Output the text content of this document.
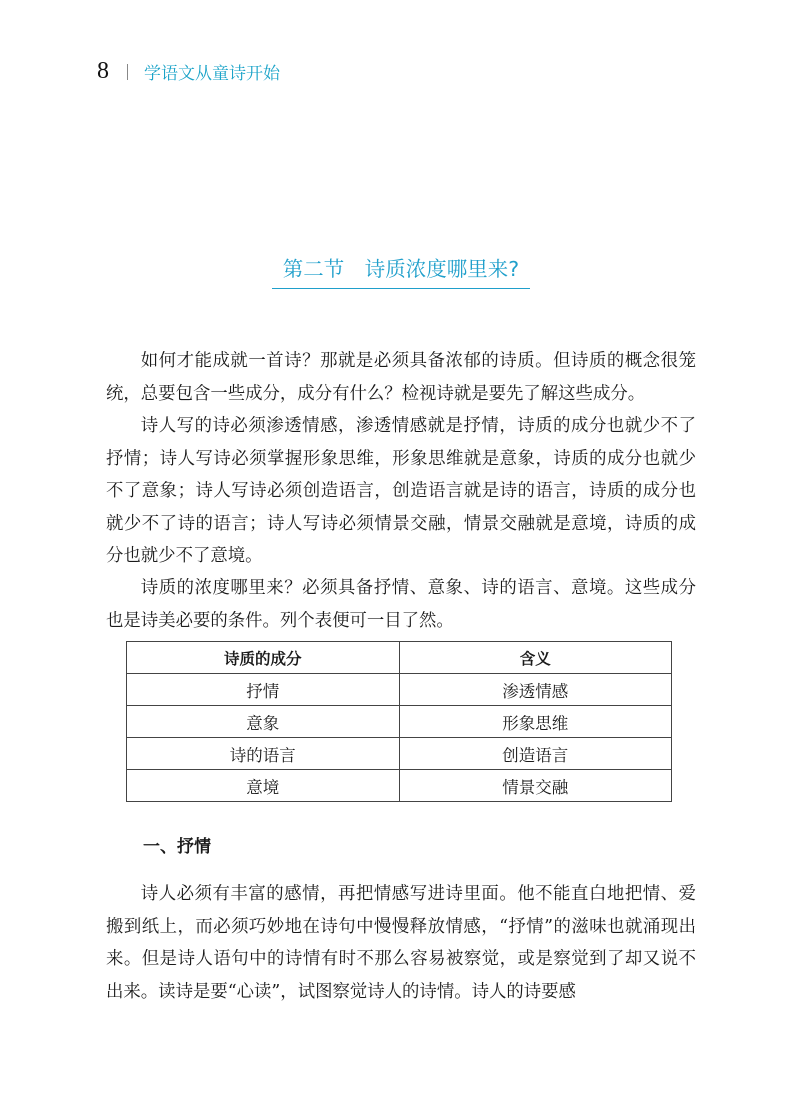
8 学语文从童诗开始
第二节　诗质浓度哪里来?

如何才能成就一首诗？那就是必须具备浓郁的诗质。但诗质的概念很笼统，总要包含一些成分，成分有什么？检视诗就是要先了解这些成分。

诗人写的诗必须渗透情感，渗透情感就是抒情，诗质的成分也就少不了抒情；诗人写诗必须掌握形象思维，形象思维就是意象，诗质的成分也就少不了意象；诗人写诗必须创造语言，创造语言就是诗的语言，诗质的成分也就少不了诗的语言；诗人写诗必须情景交融，情景交融就是意境，诗质的成分也就少不了意境。

诗质的浓度哪里来？必须具备抒情、意象、诗的语言、意境。这些成分也是诗美必要的条件。列个表便可一目了然。

诗质的成分	含义
抒情	渗透情感
意象	形象思维
诗的语言	创造语言
意境	情景交融
一、抒情

诗人必须有丰富的感情，再把情感写进诗里面。他不能直白地把情、爱搬到纸上，而必须巧妙地在诗句中慢慢释放情感，“抒情”的滋味也就涌现出来。但是诗人语句中的诗情有时不那么容易被察觉，或是察觉到了却又说不出来。读诗是要“心读”，试图察觉诗人的诗情。诗人的诗要感
